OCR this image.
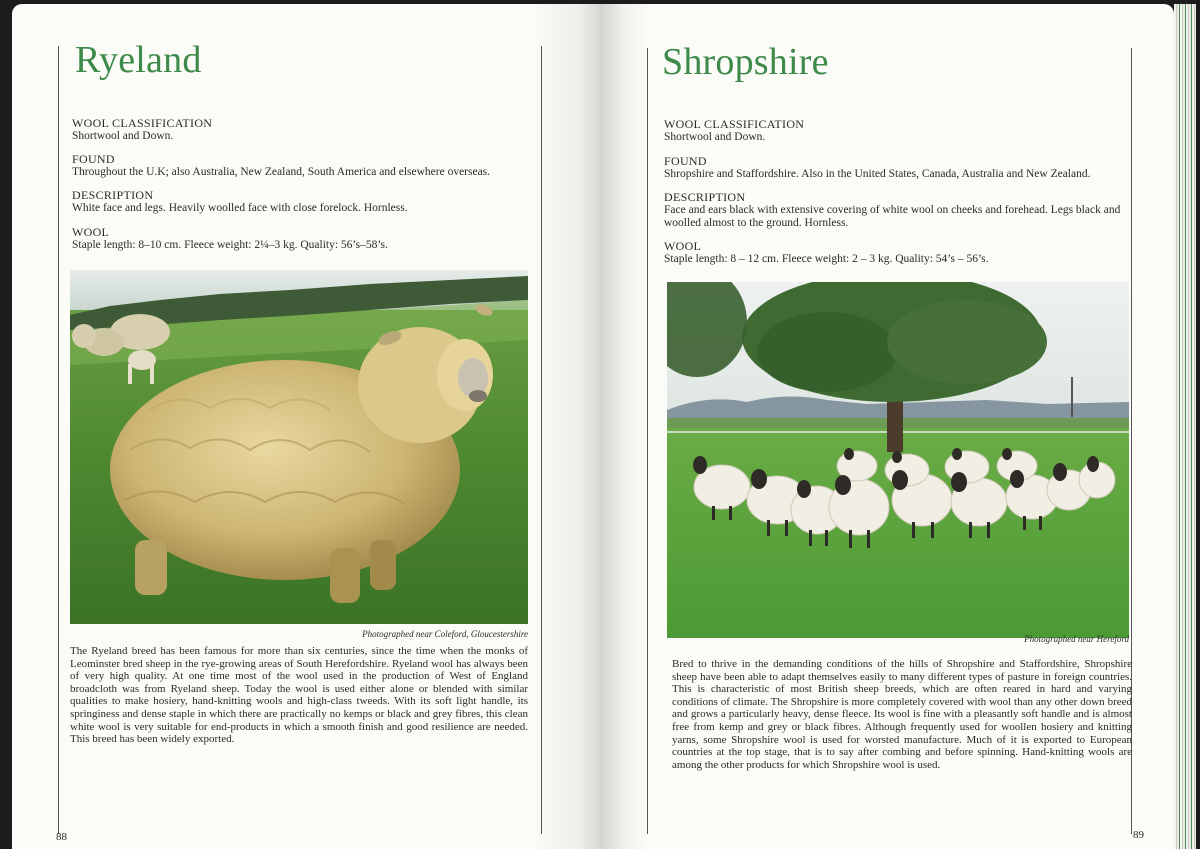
Ryeland
WOOL CLASSIFICATION
Shortwool and Down.
FOUND
Throughout the U.K; also Australia, New Zealand, South America and elsewhere overseas.
DESCRIPTION
White face and legs. Heavily woolled face with close forelock. Hornless.
WOOL
Staple length: 8–10 cm. Fleece weight: 2¼–3 kg. Quality: 56’s–58’s.
Photographed near Coleford, Gloucestershire

The Ryeland breed has been famous for more than six centuries, since the time when the monks of Leominster bred sheep in the rye-growing areas of South Herefordshire. Ryeland wool has always been of very high quality. At one time most of the wool used in the production of West of England broadcloth was from Ryeland sheep. Today the wool is used either alone or blended with similar qualities to make hosiery, hand-knitting wools and high-class tweeds. With its soft light handle, its springiness and dense staple in which there are practically no kemps or black and grey fibres, this clean white wool is very suitable for end-products in which a smooth finish and good resilience are needed. This breed has been widely exported.

88
Shropshire
WOOL CLASSIFICATION
Shortwool and Down.
FOUND
Shropshire and Staffordshire. Also in the United States, Canada, Australia and New Zealand.
DESCRIPTION
Face and ears black with extensive covering of white wool on cheeks and forehead. Legs black and woolled almost to the ground. Hornless.
WOOL
Staple length: 8 – 12 cm. Fleece weight: 2 – 3 kg. Quality: 54’s – 56’s.
Photographed near Hereford

Bred to thrive in the demanding conditions of the hills of Shropshire and Staffordshire, Shropshire sheep have been able to adapt themselves easily to many different types of pasture in foreign countries. This is characteristic of most British sheep breeds, which are often reared in hard and varying conditions of climate. The Shropshire is more completely covered with wool than any other down breed and grows a particularly heavy, dense fleece. Its wool is fine with a pleasantly soft handle and is almost free from kemp and grey or black fibres. Although frequently used for woollen hosiery and knitting yarns, some Shropshire wool is used for worsted manufacture. Much of it is exported to European countries at the top stage, that is to say after combing and before spinning. Hand-knitting wools are among the other products for which Shropshire wool is used.

89
